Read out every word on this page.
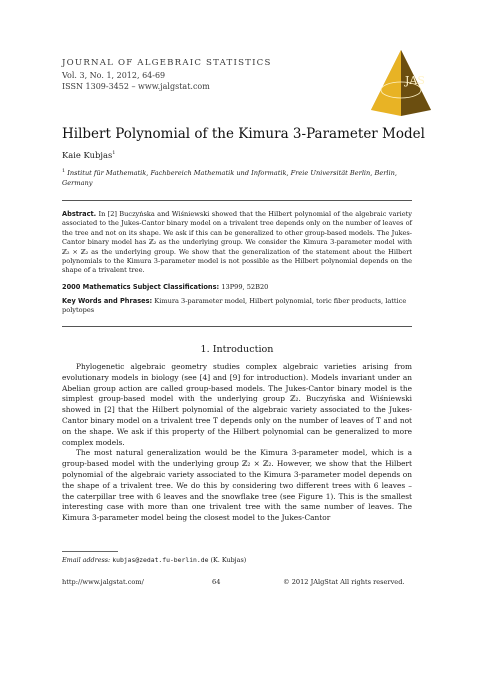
JOURNAL OF ALGEBRAIC STATISTICS
Vol. 3, No. 1, 2012, 64-69
ISSN 1309-3452 – www.jalgstat.com	JAS
Hilbert Polynomial of the Kimura 3-Parameter Model
Kaie Kubjas$^1$
$^1$ Institut für Mathematik, Fachbereich Mathematik und Informatik, Freie Universität Berlin, Berlin, Germany
Abstract. In [2] Buczyńska and Wiśniewski showed that the Hilbert polynomial of the algebraic variety associated to the Jukes-Cantor binary model on a trivalent tree depends only on the number of leaves of the tree and not on its shape. We ask if this can be generalized to other group-based models. The Jukes-Cantor binary model has ℤ₂ as the underlying group. We consider the Kimura 3-parameter model with ℤ₂ × ℤ₂ as the underlying group. We show that the generalization of the statement about the Hilbert polynomials to the Kimura 3-parameter model is not possible as the Hilbert polynomial depends on the shape of a trivalent tree.
2000 Mathematics Subject Classifications: 13P99, 52B20
Key Words and Phrases: Kimura 3-parameter model, Hilbert polynomial, toric fiber products, lattice polytopes
1. Introduction

Phylogenetic algebraic geometry studies complex algebraic varieties arising from evolutionary models in biology (see [4] and [9] for introduction). Models invariant under an Abelian group action are called group-based models. The Jukes-Cantor binary model is the simplest group-based model with the underlying group ℤ₂. Buczyńska and Wiśniewski showed in [2] that the Hilbert polynomial of the algebraic variety associated to the Jukes-Cantor binary model on a trivalent tree T depends only on the number of leaves of T and not on the shape. We ask if this property of the Hilbert polynomial can be generalized to more complex models.

The most natural generalization would be the Kimura 3-parameter model, which is a group-based model with the underlying group ℤ₂ × ℤ₂. However, we show that the Hilbert polynomial of the algebraic variety associated to the Kimura 3-parameter model depends on the shape of a trivalent tree. We do this by considering two different trees with 6 leaves – the caterpillar tree with 6 leaves and the snowflake tree (see Figure 1). This is the smallest interesting case with more than one trivalent tree with the same number of leaves. The Kimura 3-parameter model being the closest model to the Jukes-Cantor

Email address: kubjas@zedat.fu-berlin.de (K. Kubjas)
http://www.jalgstat.com/	64	© 2012 JAlgStat All rights reserved.
